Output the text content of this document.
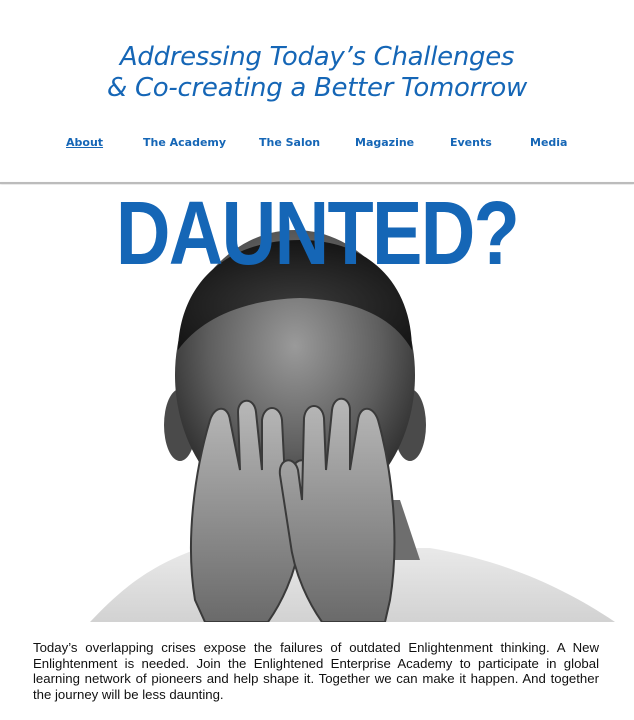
Addressing Today’s Challenges
& Co-creating a Better Tomorrow
About	The Academy	The Salon	Magazine	Events	Media
DAUNTED?

Today’s overlapping crises expose the failures of outdated Enlightenment thinking. A New Enlightenment is needed. Join the Enlightened Enterprise Academy to participate in global learning network of pioneers and help shape it. Together we can make it happen. And together the journey will be less daunting.
